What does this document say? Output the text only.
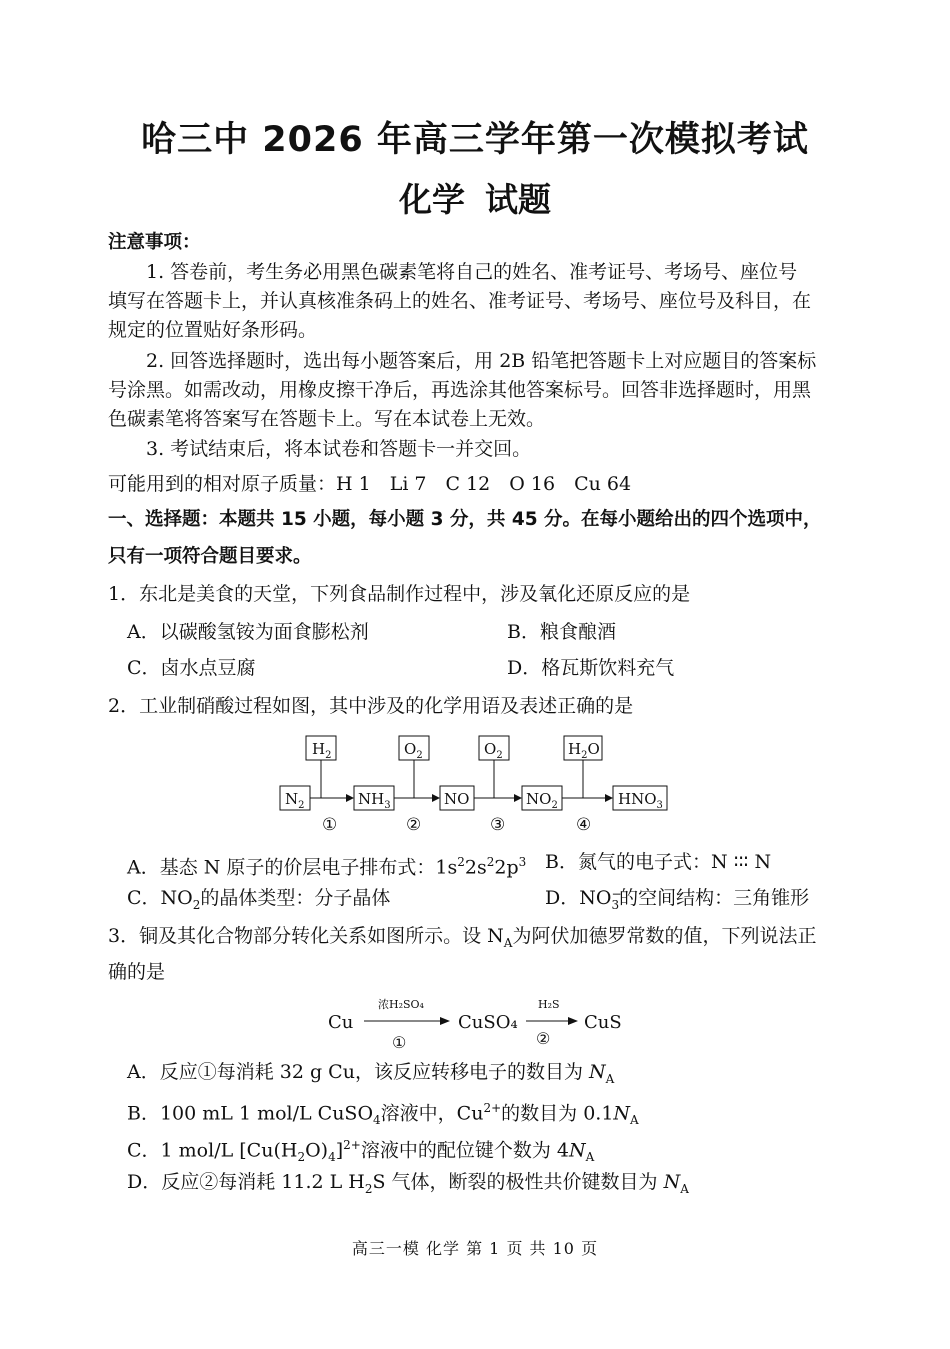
哈三中 2026 年高三学年第一次模拟考试
化学 试题
注意事项：
1. 答卷前，考生务必用黑色碳素笔将自己的姓名、准考证号、考场号、座位号
填写在答题卡上，并认真核准条码上的姓名、准考证号、考场号、座位号及科目，在
规定的位置贴好条形码。
2. 回答选择题时，选出每小题答案后，用 2B 铅笔把答题卡上对应题目的答案标
号涂黑。如需改动，用橡皮擦干净后，再选涂其他答案标号。回答非选择题时，用黑
色碳素笔将答案写在答题卡上。写在本试卷上无效。
3. 考试结束后，将本试卷和答题卡一并交回。
可能用到的相对原子质量：H 1　Li 7　C 12　O 16　Cu 64
一、选择题：本题共 15 小题，每小题 3 分，共 45 分。在每小题给出的四个选项中，
只有一项符合题目要求。
1．东北是美食的天堂，下列食品制作过程中，涉及氧化还原反应的是
A．以碳酸氢铵为面食膨松剂	B．粮食酿酒
C．卤水点豆腐	D．格瓦斯饮料充气
2．工业制硝酸过程如图，其中涉及的化学用语及表述正确的是
$H_2$	$O_2$	$O_2$	$H_2O$
$N_2$	$NH_3$	NO	$NO_2$	$HNO_3$
①	②	③	④
A．基态 N 原子的价层电子排布式：$1s^22s^22p^3$ B．氮气的电子式：N ∶∶∶ N
C．$NO_2$的晶体类型：分子晶体	D．NO −
$_3$的空间结构：三角锥形
3．铜及其化合物部分转化关系如图所示。设 $N_A$为阿伏加德罗常数的值，下列说法正
确的是
Cu
浓H₂SO₄
①
CuSO₄
H₂S
②
CuS
A．反应①每消耗 32 g Cu，该反应转移电子的数目为 $N_A$
B．100 mL 1 mol/L CuSO$_4$溶液中，$Cu^{2+}$的数目为 $0.1N_A$
C．1 mol/L $[Cu(H_2O)_4]^{2+}$溶液中的配位键个数为 $4N_A$
D．反应②每消耗 11.2 L $H_2S$ 气体，断裂的极性共价键数目为 $N_A$
高三一模 化学 第 1 页 共 10 页
